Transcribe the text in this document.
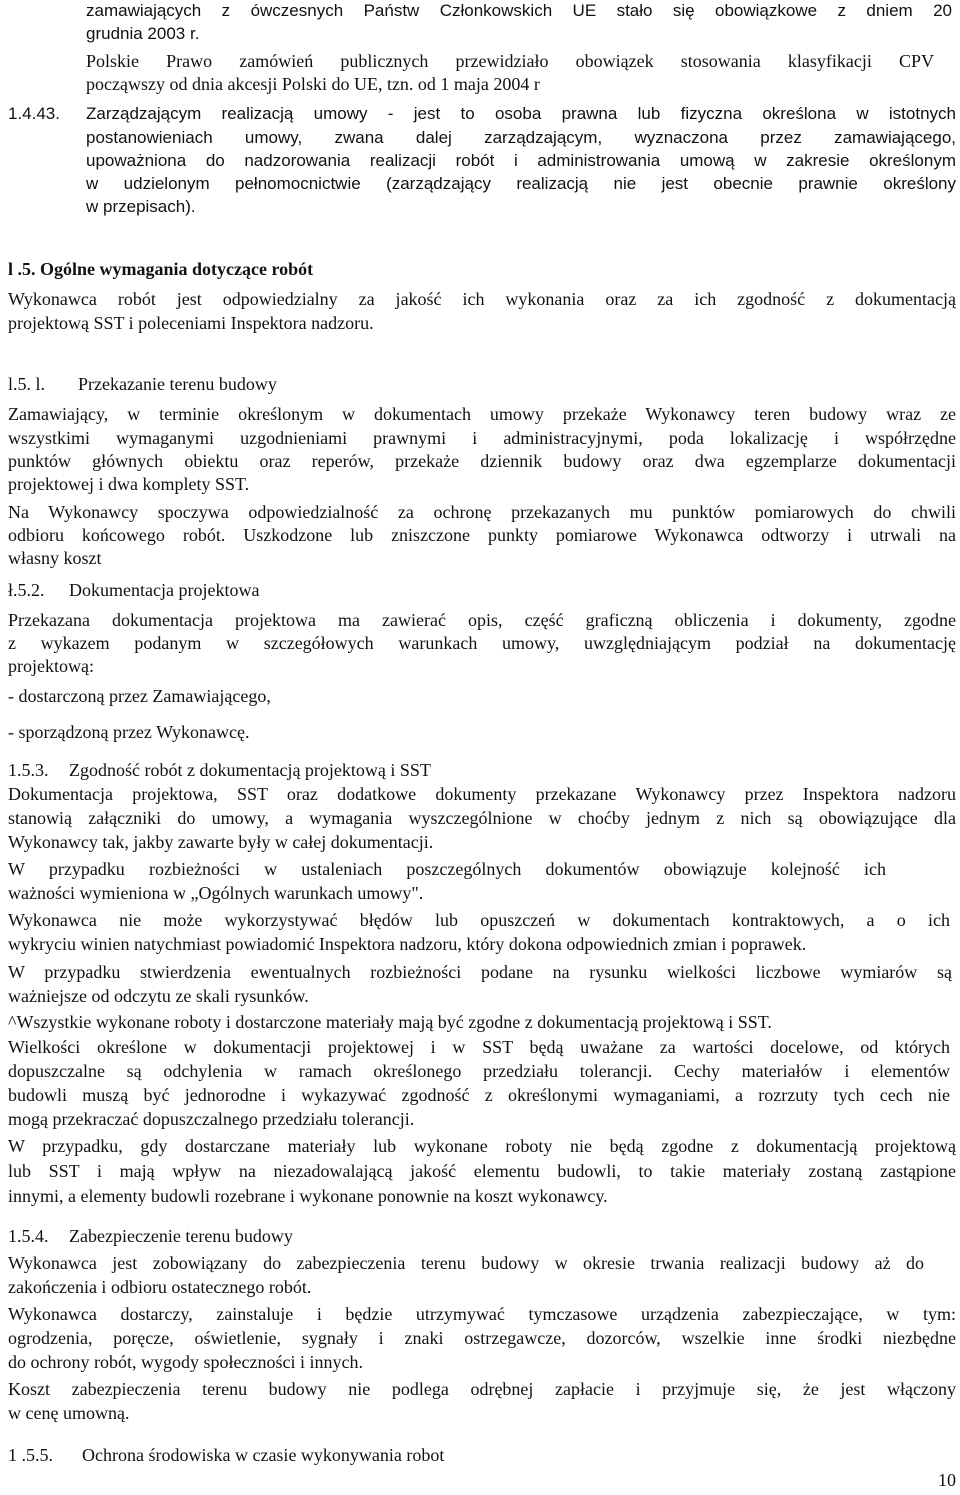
zamawiających z ówczesnych Państw Członkowskich UE stało się obowiązkowe z dniem 20
grudnia 2003 r.
Polskie Prawo zamówień publicznych przewidziało obowiązek stosowania klasyfikacji CPV
począwszy od dnia akcesji Polski do UE, tzn. od 1 maja 2004 r
1.4.43. Zarządzającym realizacją umowy - jest to osoba prawna lub fizyczna określona w istotnych
postanowieniach umowy, zwana dalej zarządzającym, wyznaczona przez zamawiającego,
upoważniona do nadzorowania realizacji robót i administrowania umową w zakresie określonym
w udzielonym pełnomocnictwie (zarządzający realizacją nie jest obecnie prawnie określony
w przepisach).
l .5. Ogólne wymagania dotyczące robót
Wykonawca robót jest odpowiedzialny za jakość ich wykonania oraz za ich zgodność z dokumentacją
projektową SST i poleceniami Inspektora nadzoru.
l.5. l. Przekazanie terenu budowy
Zamawiający, w terminie określonym w dokumentach umowy przekaże Wykonawcy teren budowy wraz ze
wszystkimi wymaganymi uzgodnieniami prawnymi i administracyjnymi, poda lokalizację i współrzędne
punktów głównych obiektu oraz reperów, przekaże dziennik budowy oraz dwa egzemplarze dokumentacji
projektowej i dwa komplety SST.
Na Wykonawcy spoczywa odpowiedzialność za ochronę przekazanych mu punktów pomiarowych do chwili
odbioru końcowego robót. Uszkodzone lub zniszczone punkty pomiarowe Wykonawca odtworzy i utrwali na
własny koszt
ł.5.2. Dokumentacja projektowa
Przekazana dokumentacja projektowa ma zawierać opis, część graficzną obliczenia i dokumenty, zgodne
z wykazem podanym w szczegółowych warunkach umowy, uwzględniającym podział na dokumentację
projektową:
- dostarczoną przez Zamawiającego,
- sporządzoną przez Wykonawcę.
1.5.3. Zgodność robót z dokumentacją projektową i SST
Dokumentacja projektowa, SST oraz dodatkowe dokumenty przekazane Wykonawcy przez Inspektora nadzoru
stanowią załączniki do umowy, a wymagania wyszczególnione w choćby jednym z nich są obowiązujące dla
Wykonawcy tak, jakby zawarte były w całej dokumentacji.
W przypadku rozbieżności w ustaleniach poszczególnych dokumentów obowiązuje kolejność ich
ważności wymieniona w „Ogólnych warunkach umowy".
Wykonawca nie może wykorzystywać błędów lub opuszczeń w dokumentach kontraktowych, a o ich
wykryciu winien natychmiast powiadomić Inspektora nadzoru, który dokona odpowiednich zmian i poprawek.
W przypadku stwierdzenia ewentualnych rozbieżności podane na rysunku wielkości liczbowe wymiarów są
ważniejsze od odczytu ze skali rysunków.
^Wszystkie wykonane roboty i dostarczone materiały mają być zgodne z dokumentacją projektową i SST.
Wielkości określone w dokumentacji projektowej i w SST będą uważane za wartości docelowe, od których
dopuszczalne są odchylenia w ramach określonego przedziału tolerancji. Cechy materiałów i elementów
budowli muszą być jednorodne i wykazywać zgodność z określonymi wymaganiami, a rozrzuty tych cech nie
mogą przekraczać dopuszczalnego przedziału tolerancji.
W przypadku, gdy dostarczane materiały lub wykonane roboty nie będą zgodne z dokumentacją projektową
lub SST i mają wpływ na niezadowalającą jakość elementu budowli, to takie materiały zostaną zastąpione
innymi, a elementy budowli rozebrane i wykonane ponownie na koszt wykonawcy.
1.5.4. Zabezpieczenie terenu budowy
Wykonawca jest zobowiązany do zabezpieczenia terenu budowy w okresie trwania realizacji budowy aż do
zakończenia i odbioru ostatecznego robót.
Wykonawca dostarczy, zainstaluje i będzie utrzymywać tymczasowe urządzenia zabezpieczające, w tym:
ogrodzenia, poręcze, oświetlenie, sygnały i znaki ostrzegawcze, dozorców, wszelkie inne środki niezbędne
do ochrony robót, wygody społeczności i innych.
Koszt zabezpieczenia terenu budowy nie podlega odrębnej zapłacie i przyjmuje się, że jest włączony
w cenę umowną.
1 .5.5. Ochrona środowiska w czasie wykonywania robot
10
